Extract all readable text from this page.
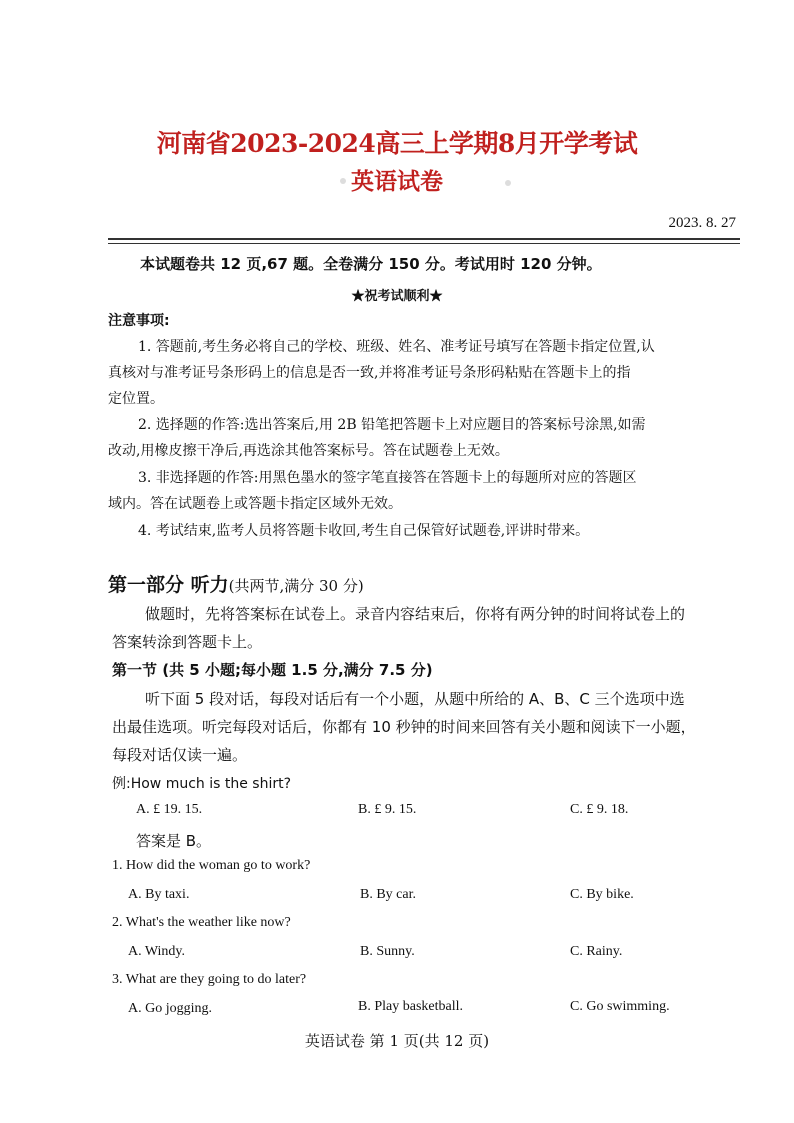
河南省2023-2024高三上学期8月开学考试
英语试卷
2023. 8. 27
本试题卷共 12 页,67 题。全卷满分 150 分。考试用时 120 分钟。
★祝考试顺利★
注意事项:
1. 答题前,考生务必将自己的学校、班级、姓名、准考证号填写在答题卡指定位置,认
真核对与准考证号条形码上的信息是否一致,并将准考证号条形码粘贴在答题卡上的指
定位置。
2. 选择题的作答:选出答案后,用 2B 铅笔把答题卡上对应题目的答案标号涂黑,如需
改动,用橡皮擦干净后,再选涂其他答案标号。答在试题卷上无效。
3. 非选择题的作答:用黑色墨水的签字笔直接答在答题卡上的每题所对应的答题区
域内。答在试题卷上或答题卡指定区域外无效。
4. 考试结束,监考人员将答题卡收回,考生自己保管好试题卷,评讲时带来。
第一部分 听力(共两节,满分 30 分)
做题时，先将答案标在试卷上。录音内容结束后，你将有两分钟的时间将试卷上的
答案转涂到答题卡上。
第一节 (共 5 小题;每小题 1.5 分,满分 7.5 分)
听下面 5 段对话，每段对话后有一个小题，从题中所给的 A、B、C 三个选项中选
出最佳选项。听完每段对话后，你都有 10 秒钟的时间来回答有关小题和阅读下一小题，
每段对话仅读一遍。
例:How much is the shirt?
A. £ 19. 15.	B. £ 9. 15.	C. £ 9. 18.
答案是 B。
1. How did the woman go to work?
A. By taxi.	B. By car.	C. By bike.
2. What's the weather like now?
A. Windy.	B. Sunny.	C. Rainy.
3. What are they going to do later?
A. Go jogging.	B. Play basketball.	C. Go swimming.
英语试卷 第 1 页(共 12 页)
